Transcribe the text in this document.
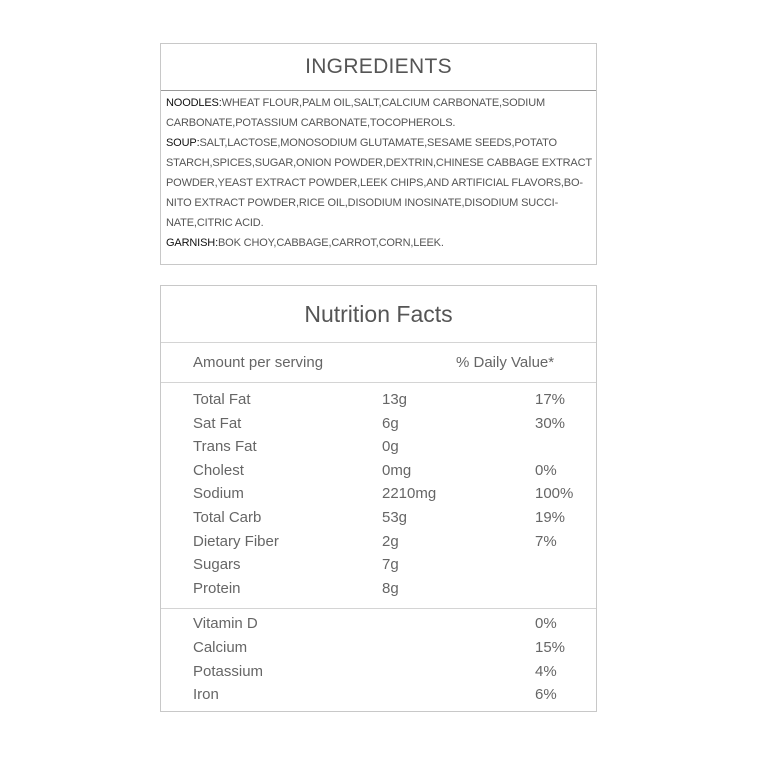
INGREDIENTS
NOODLES:WHEAT FLOUR,PALM OIL,SALT,CALCIUM CARBONATE,SODIUM
CARBONATE,POTASSIUM CARBONATE,TOCOPHEROLS.
SOUP:SALT,LACTOSE,MONOSODIUM GLUTAMATE,SESAME SEEDS,POTATO
STARCH,SPICES,SUGAR,ONION POWDER,DEXTRIN,CHINESE CABBAGE EXTRACT
POWDER,YEAST EXTRACT POWDER,LEEK CHIPS,AND ARTIFICIAL FLAVORS,BO-
NITO EXTRACT POWDER,RICE OIL,DISODIUM INOSINATE,DISODIUM SUCCI-
NATE,CITRIC ACID.
GARNISH:BOK CHOY,CABBAGE,CARROT,CORN,LEEK.
Nutrition Facts
Amount per serving	% Daily Value*
Total Fat	13g	17%
Sat Fat	6g	30%
Trans Fat	0g
Cholest	0mg	0%
Sodium	2210mg	100%
Total Carb	53g	19%
Dietary Fiber	2g	7%
Sugars	7g
Protein	8g
Vitamin D	0%
Calcium	15%
Potassium	4%
Iron	6%
